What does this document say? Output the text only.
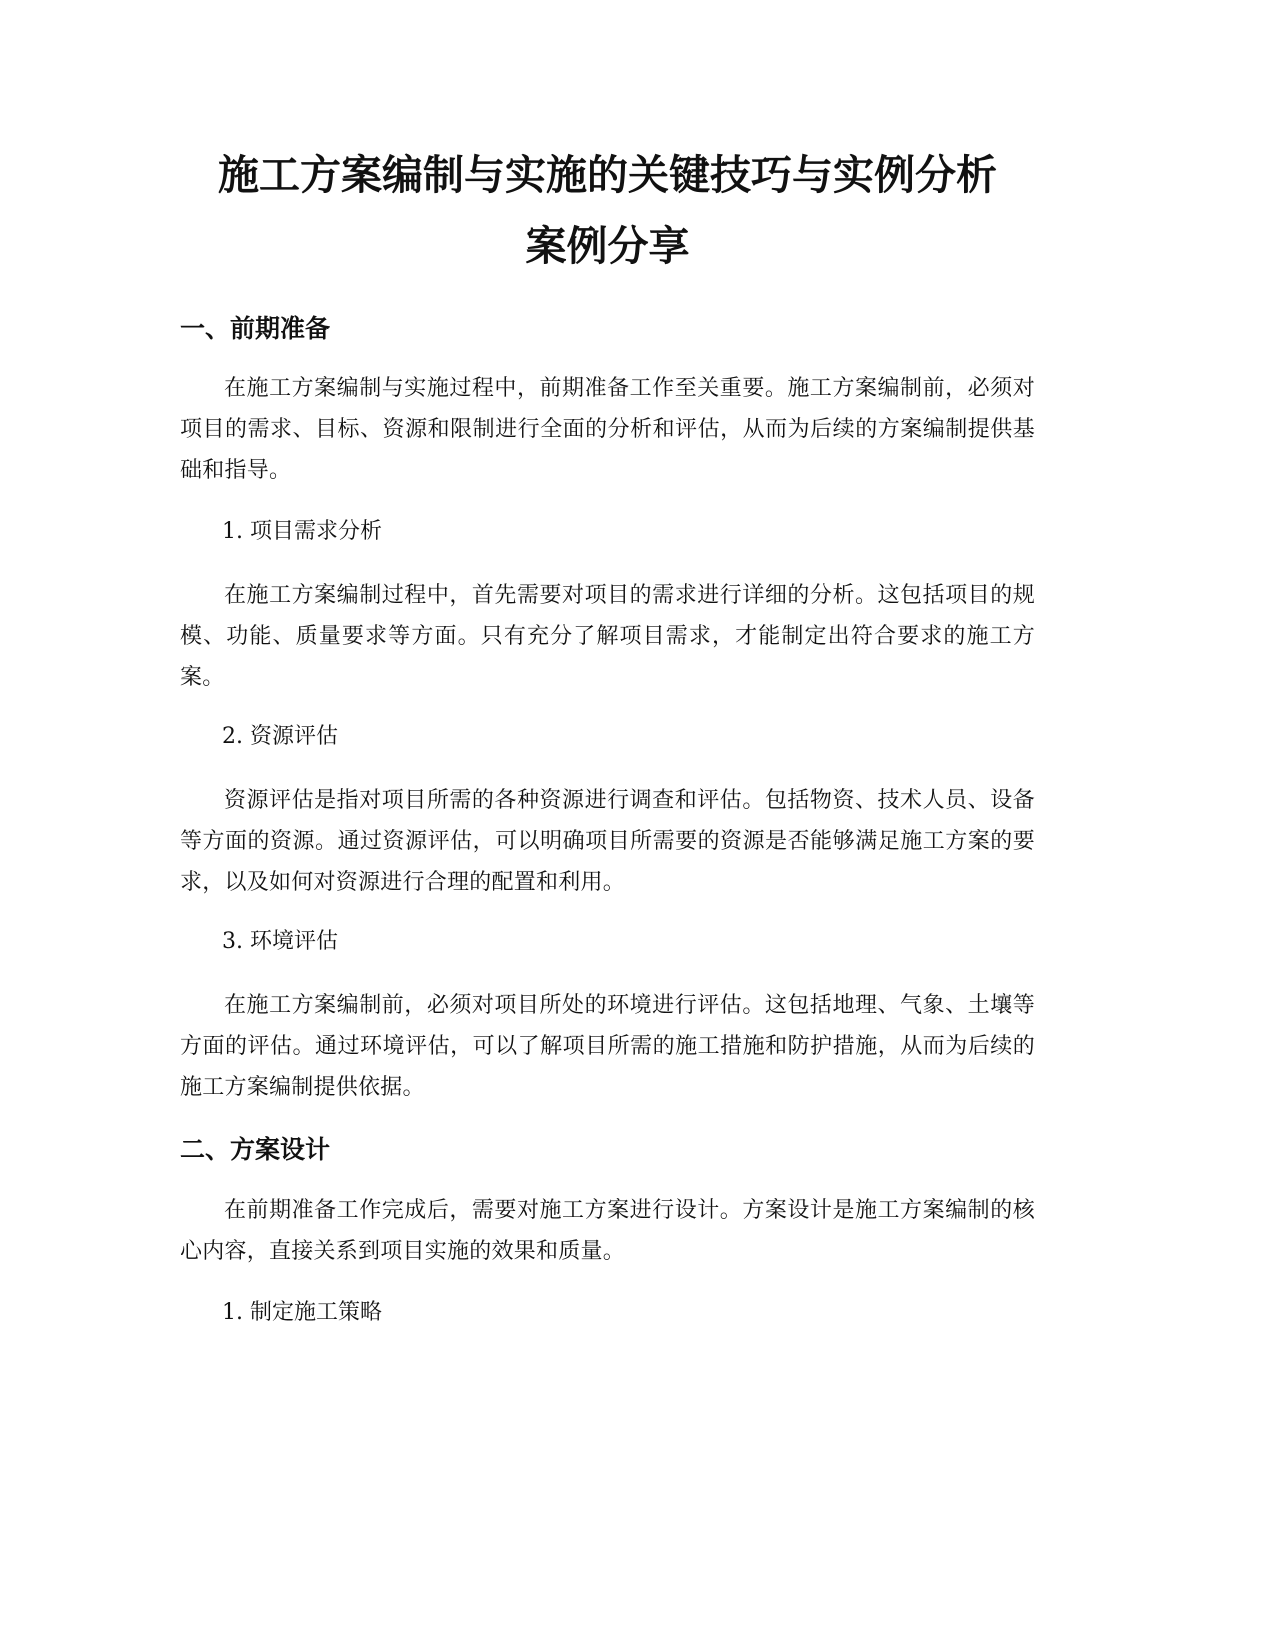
施工方案编制与实施的关键技巧与实例分析
案例分享
一、前期准备

在施工方案编制与实施过程中，前期准备工作至关重要。施工方案编制前，必须对项目的需求、目标、资源和限制进行全面的分析和评估，从而为后续的方案编制提供基础和指导。

1. 项目需求分析

在施工方案编制过程中，首先需要对项目的需求进行详细的分析。这包括项目的规模、功能、质量要求等方面。只有充分了解项目需求，才能制定出符合要求的施工方案。

2. 资源评估

资源评估是指对项目所需的各种资源进行调查和评估。包括物资、技术人员、设备等方面的资源。通过资源评估，可以明确项目所需要的资源是否能够满足施工方案的要求，以及如何对资源进行合理的配置和利用。

3. 环境评估

在施工方案编制前，必须对项目所处的环境进行评估。这包括地理、气象、土壤等方面的评估。通过环境评估，可以了解项目所需的施工措施和防护措施，从而为后续的施工方案编制提供依据。

二、方案设计

在前期准备工作完成后，需要对施工方案进行设计。方案设计是施工方案编制的核心内容，直接关系到项目实施的效果和质量。

1. 制定施工策略
